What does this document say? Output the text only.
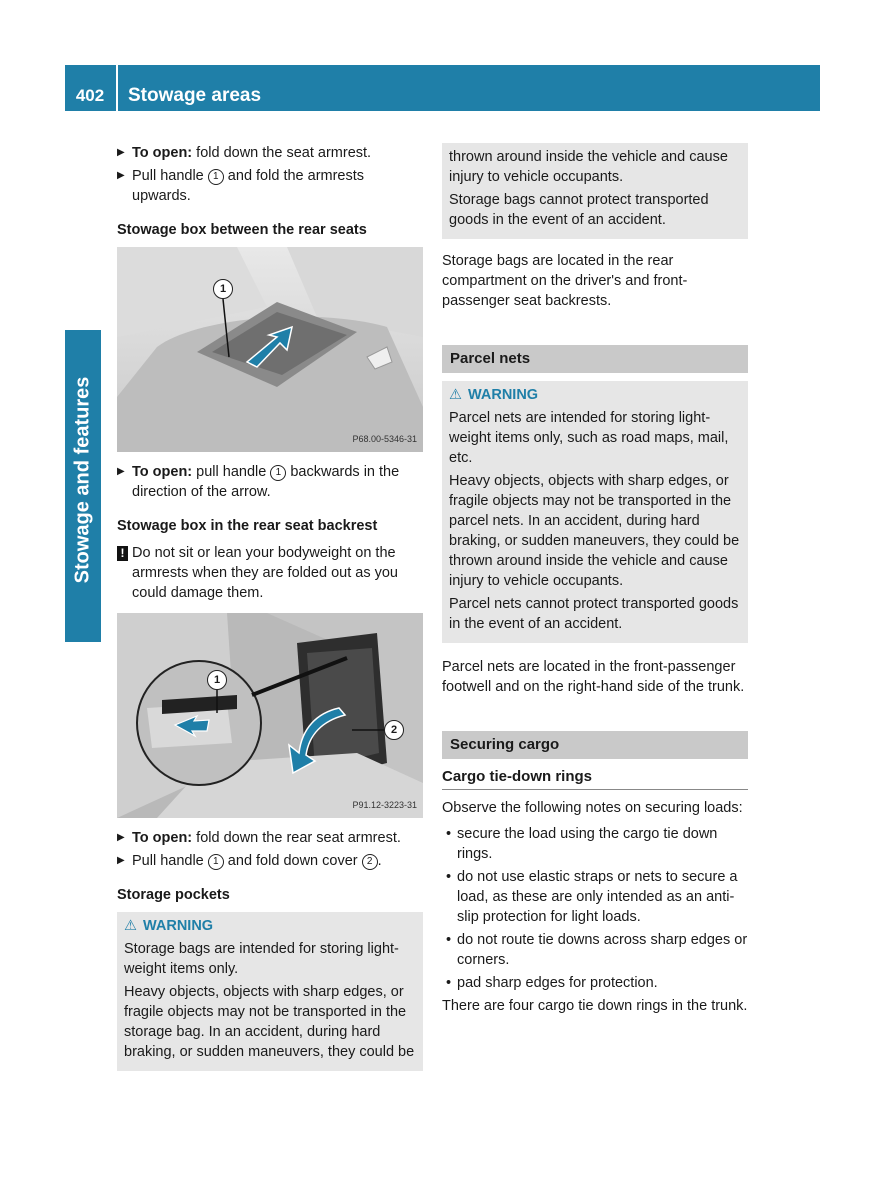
402	Stowage areas
Stowage and features

▶ To open: fold down the seat armrest.

▶ Pull handle 1 and fold the armrests upwards.

Stowage box between the rear seats

1
P68.00-5346-31

▶ To open: pull handle 1 backwards in the direction of the arrow.

Stowage box in the rear seat backrest

! Do not sit or lean your bodyweight on the armrests when they are folded out as you could damage them.

1
2
P91.12-3223-31

▶ To open: fold down the rear seat armrest.

▶ Pull handle 1 and fold down cover 2 .

Storage pockets

⚠ WARNING

Storage bags are intended for storing light-weight items only.

Heavy objects, objects with sharp edges, or fragile objects may not be transported in the storage bag. In an accident, during hard braking, or sudden maneuvers, they could be

thrown around inside the vehicle and cause injury to vehicle occupants.

Storage bags cannot protect transported goods in the event of an accident.

Storage bags are located in the rear compartment on the driver's and front-passenger seat backrests.

Parcel nets
⚠ WARNING

Parcel nets are intended for storing light-weight items only, such as road maps, mail, etc.

Heavy objects, objects with sharp edges, or fragile objects may not be transported in the parcel nets. In an accident, during hard braking, or sudden maneuvers, they could be thrown around inside the vehicle and cause injury to vehicle occupants.

Parcel nets cannot protect transported goods in the event of an accident.

Parcel nets are located in the front-passenger footwell and on the right-hand side of the trunk.

Securing cargo
Cargo tie-down rings

Observe the following notes on securing loads:

• secure the load using the cargo tie down rings.

• do not use elastic straps or nets to secure a load, as these are only intended as an anti-slip protection for light loads.

• do not route tie downs across sharp edges or corners.

• pad sharp edges for protection.

There are four cargo tie down rings in the trunk.
